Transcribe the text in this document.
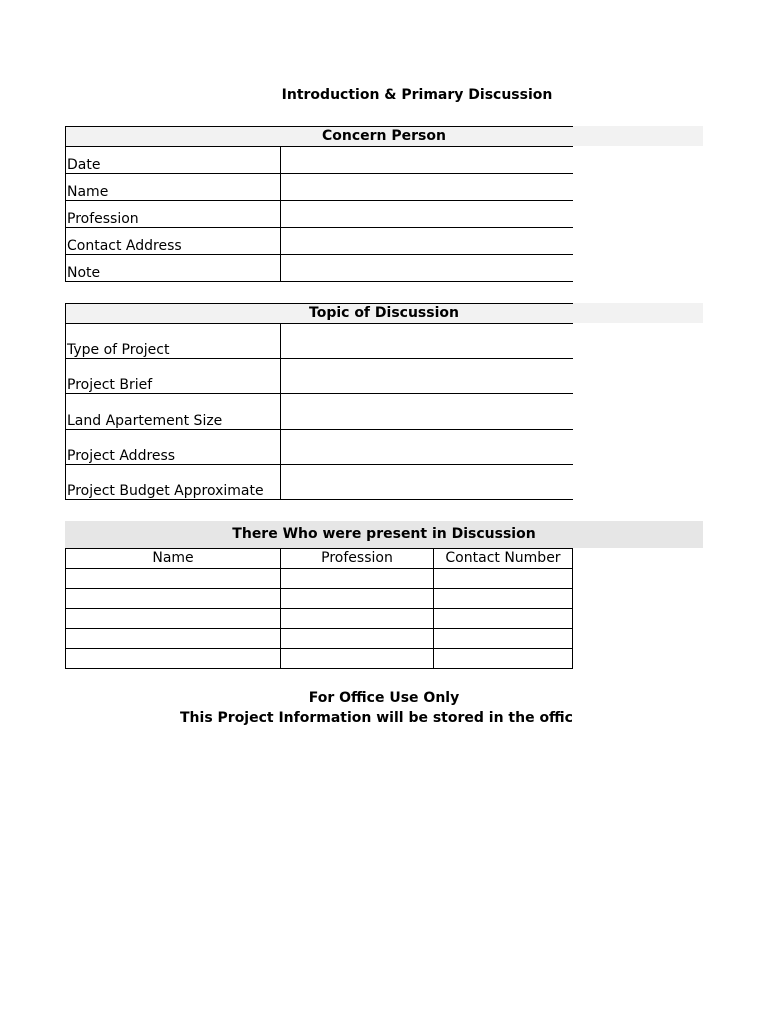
Introduction & Primary Discussion
Concern Person
Date	
Name	
Profession	
Contact Address	
Note	
Topic of Discussion
Type of Project	
Project Brief	
Land Apartement Size	
Project Address	
Project Budget Approximate	
There Who were present in Discussion
Name	Profession	Contact Number

For Office Use Only
This Project Information will be stored in the offic
